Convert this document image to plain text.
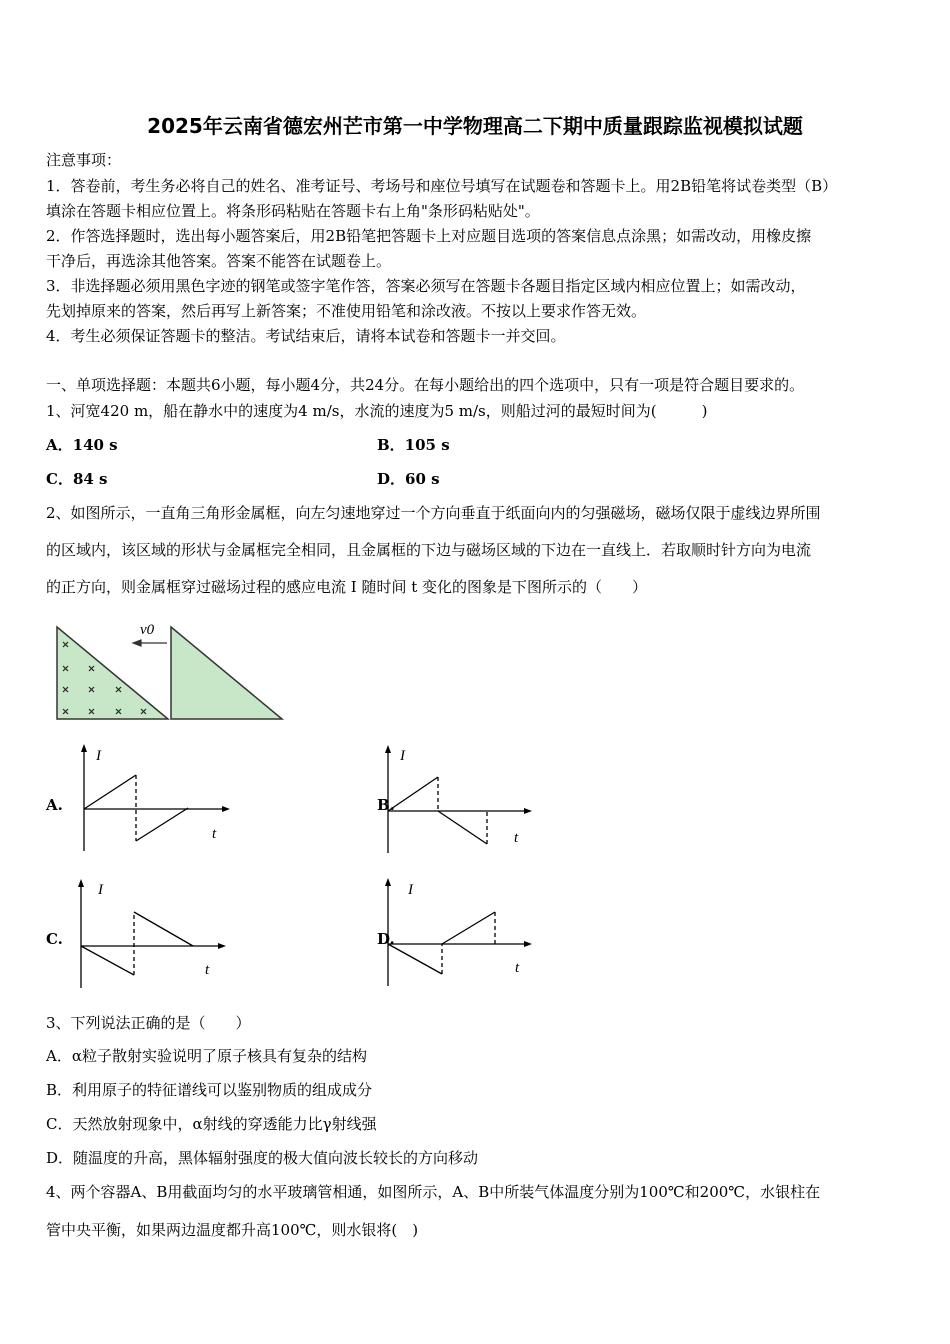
2025年云南省德宏州芒市第一中学物理高二下期中质量跟踪监视模拟试题
注意事项：
1．答卷前，考生务必将自己的姓名、准考证号、考场号和座位号填写在试题卷和答题卡上。用2B铅笔将试卷类型（B）
填涂在答题卡相应位置上。将条形码粘贴在答题卡右上角"条形码粘贴处"。
2．作答选择题时，选出每小题答案后，用2B铅笔把答题卡上对应题目选项的答案信息点涂黑；如需改动，用橡皮擦
干净后，再选涂其他答案。答案不能答在试题卷上。
3．非选择题必须用黑色字迹的钢笔或签字笔作答，答案必须写在答题卡各题目指定区域内相应位置上；如需改动，
先划掉原来的答案，然后再写上新答案；不准使用铅笔和涂改液。不按以上要求作答无效。
4．考生必须保证答题卡的整洁。考试结束后，请将本试卷和答题卡一并交回。
一、单项选择题：本题共6小题，每小题4分，共24分。在每小题给出的四个选项中，只有一项是符合题目要求的。
1、河宽420 m，船在静水中的速度为4 m/s，水流的速度为5 m/s，则船过河的最短时间为(　　　)
A．140 s	B．105 s
C．84 s	D．60 s
2、如图所示，一直角三角形金属框，向左匀速地穿过一个方向垂直于纸面向内的匀强磁场，磁场仅限于虚线边界所围
的区域内，该区域的形状与金属框完全相同，且金属框的下边与磁场区域的下边在一直线上．若取顺时针方向为电流
的正方向，则金属框穿过磁场过程的感应电流 I 随时间 t 变化的图象是下图所示的（　　）
v0
I
t
I
t
I
t
I
t
A.	B.
C.	D.
3、下列说法正确的是（　　）
A．α粒子散射实验说明了原子核具有复杂的结构
B．利用原子的特征谱线可以鉴别物质的组成成分
C．天然放射现象中，α射线的穿透能力比γ射线强
D．随温度的升高，黑体辐射强度的极大值向波长较长的方向移动
4、两个容器A、B用截面均匀的水平玻璃管相通，如图所示，A、B中所装气体温度分别为100℃和200℃，水银柱在
管中央平衡，如果两边温度都升高100℃，则水银将(　)
